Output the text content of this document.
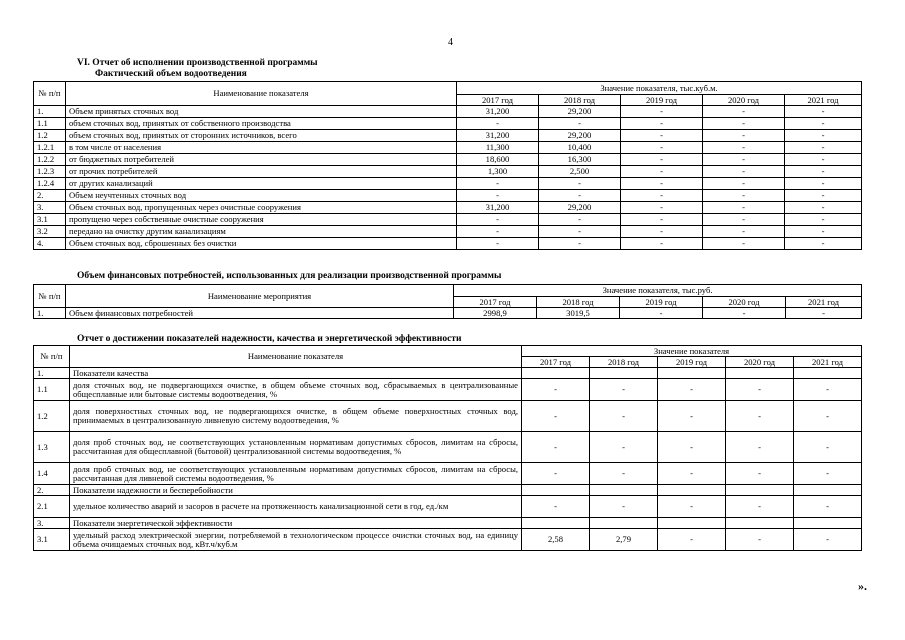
4
VI. Отчет об исполнении производственной программы
Фактический объем водоотведения
№ п/п	Наименование показателя	Значение показателя, тыс.куб.м.				
		2017 год	2018 год	2019 год	2020 год	2021 год
1.	Объем принятых сточных вод	31,200	29,200	-	-	-
1.1	объем сточных вод, принятых от собственного производства	-	-	-	-	-
1.2	объем сточных вод, принятых от сторонних источников, всего	31,200	29,200	-	-	-
1.2.1	в том числе от населения	11,300	10,400	-	-	-
1.2.2	от бюджетных потребителей	18,600	16,300	-	-	-
1.2.3	от прочих потребителей	1,300	2,500	-	-	-
1.2.4	от других канализаций	-	-	-	-	-
2.	Объем неучтенных сточных вод	-	-	-	-	-
3.	Объем сточных вод, пропущенных через очистные сооружения	31,200	29,200	-	-	-
3.1	пропущено через собственные очистные сооружения	-	-	-	-	-
3.2	передано на очистку другим канализациям	-	-	-	-	-
4.	Объем сточных вод, сброшенных без очистки	-	-	-	-	-
Объем финансовых потребностей, использованных для реализации производственной программы
№ п/п	Наименование мероприятия	Значение показателя, тыс.руб.				
		2017 год	2018 год	2019 год	2020 год	2021 год
1.	Объем финансовых потребностей	2998,9	3019,5	-	-	-
Отчет о достижении показателей надежности, качества и энергетической эффективности
№ п/п	Наименование показателя	Значение показателя				
		2017 год	2018 год	2019 год	2020 год	2021 год
1.	Показатели качества					
1.1	доля сточных вод, не подвергающихся очистке, в общем объеме сточных вод, сбрасываемых в централизованные общесплавные или бытовые системы водоотведения, %	-	-	-	-	-
1.2	доля поверхностных сточных вод, не подвергающихся очистке, в общем объеме поверхностных сточных вод, принимаемых в централизованную ливневую систему водоотведения, %	-	-	-	-	-
1.3	доля проб сточных вод, не соответствующих установленным нормативам допустимых сбросов, лимитам на сбросы, рассчитанная для общесплавной (бытовой) централизованной системы водоотведения, %	-	-	-	-	-
1.4	доля проб сточных вод, не соответствующих установленным нормативам допустимых сбросов, лимитам на сбросы, рассчитанная для ливневой системы водоотведения, %	-	-	-	-	-
2.	Показатели надежности и бесперебойности					
2.1	удельное количество аварий и засоров в расчете на протяженность канализационной сети в год, ед./км	-	-	-	-	-
3.	Показатели энергетической эффективности					
3.1	удельный расход электрической энергии, потребляемой в технологическом процессе очистки сточных вод, на единицу объема очищаемых сточных вод, кВт.ч/куб.м	2,58	2,79	-	-	-
».
